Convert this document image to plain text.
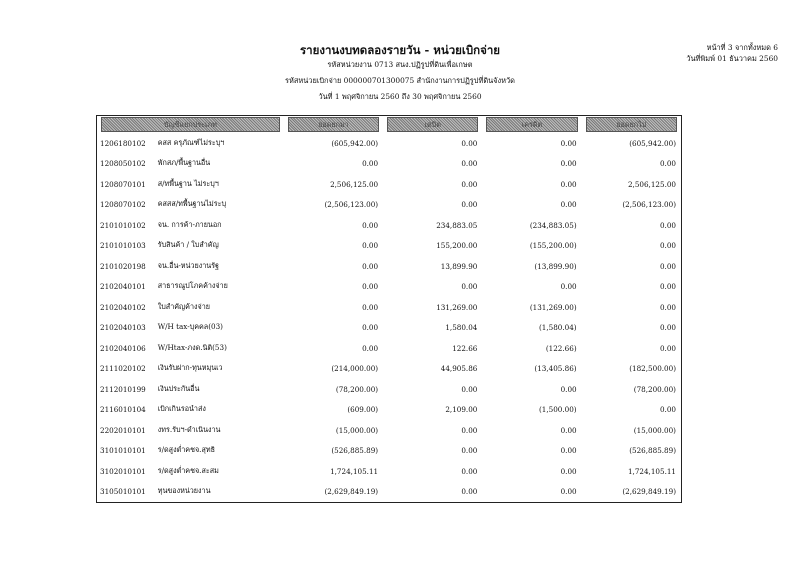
รายงานงบทดลองรายวัน - หน่วยเบิกจ่าย
รหัสหน่วยงาน 0713 สนง.ปฏิรูปที่ดินเพื่อเกษต
รหัสหน่วยเบิกจ่าย 000000701300075 สำนักงานการปฏิรูปที่ดินจังหวัด
วันที่ 1 พฤศจิกายน 2560 ถึง 30 พฤศจิกายน 2560
หน้าที่ 3 จากทั้งหมด 6
วันที่พิมพ์ 01 ธันวาคม 2560
บัญชีแยกประเภท		ยอดยกมา	เดบิต	เครดิต	ยอดยกไป

1206180102	คสส ครุภัณฑ์ไม่ระบุฯ	(605,942.00)	0.00	0.00	(605,942.00)
1208050102	พักสภ/พื้นฐานอื่น	0.00	0.00	0.00	0.00
1208070101	ส/ทพื้นฐาน ไม่ระบุฯ	2,506,125.00	0.00	0.00	2,506,125.00
1208070102	คสสส/ทพื้นฐานไม่ระบุ	(2,506,123.00)	0.00	0.00	(2,506,123.00)
2101010102	จน. การค้า-ภายนอก	0.00	234,883.05	(234,883.05)	0.00
2101010103	รับสินค้า / ใบสำคัญ	0.00	155,200.00	(155,200.00)	0.00
2101020198	จน.อื่น-หน่วยงานรัฐ	0.00	13,899.90	(13,899.90)	0.00
2102040101	สาธารณูปโภคค้างจ่าย	0.00	0.00	0.00	0.00
2102040102	ใบสำคัญค้างจ่าย	0.00	131,269.00	(131,269.00)	0.00
2102040103	W/H tax-บุคคล(03)	0.00	1,580.04	(1,580.04)	0.00
2102040106	W/Htax-ภงด.นิติ(53)	0.00	122.66	(122.66)	0.00
2111020102	เงินรับฝาก-ทุนหมุนเว	(214,000.00)	44,905.86	(13,405.86)	(182,500.00)
2112010199	เงินประกันอื่น	(78,200.00)	0.00	0.00	(78,200.00)
2116010104	เบิกเกินรอนำส่ง	(609.00)	2,109.00	(1,500.00)	0.00
2202010101	งทร.รับฯ-ดำเนินงาน	(15,000.00)	0.00	0.00	(15,000.00)
3101010101	ร/ดสูงต่ำคชจ.สุทธิ	(526,885.89)	0.00	0.00	(526,885.89)
3102010101	ร/ดสูงต่ำคชจ.สะสม	1,724,105.11	0.00	0.00	1,724,105.11
3105010101	ทุนของหน่วยงาน	(2,629,849.19)	0.00	0.00	(2,629,849.19)
